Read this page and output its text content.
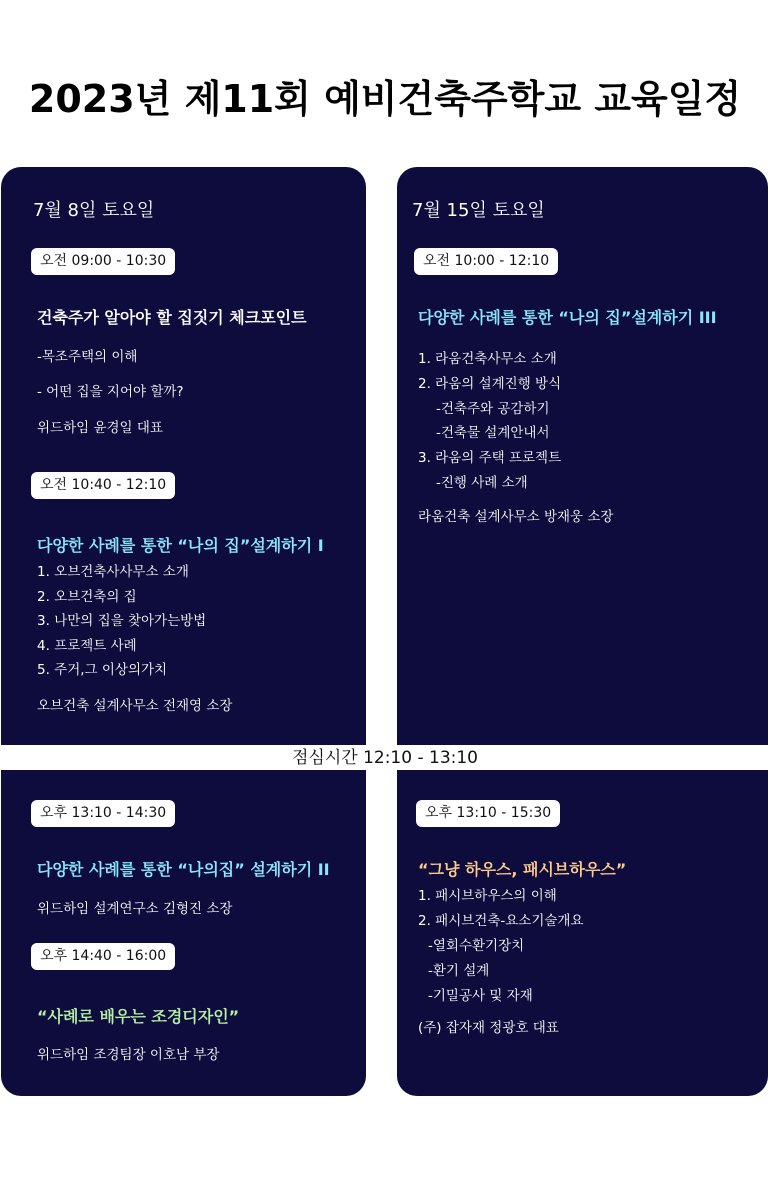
2023년 제11회 예비건축주학교 교육일정
점심시간 12:10 - 13:10
7월 8일 토요일
오전 09:00 - 10:30
건축주가 알아야 할 집짓기 체크포인트
-목조주택의 이해
- 어떤 집을 지어야 할까?
위드하임 윤경일 대표
오전 10:40 - 12:10
다양한 사례를 통한 “나의 집”설계하기 I
1. 오브건축사사무소 소개
2. 오브건축의 집
3. 나만의 집을 찾아가는방법
4. 프로젝트 사례
5. 주거,그 이상의가치
오브건축 설계사무소 전재영 소장
오후 13:10 - 14:30
다양한 사례를 통한 “나의집” 설계하기 II
위드하임 설계연구소 김형진 소장
오후 14:40 - 16:00
“사례로 배우는 조경디자인”
위드하임 조경팀장 이호남 부장
7월 15일 토요일
오전 10:00 - 12:10
다양한 사례를 통한 “나의 집”설계하기 III
1. 라움건축사무소 소개
2. 라움의 설계진행 방식
-건축주와 공감하기
-건축물 설계안내서
3. 라움의 주택 프로젝트
-진행 사례 소개
라움건축 설계사무소 방재웅 소장
오후 13:10 - 15:30
“그냥 하우스, 패시브하우스”
1. 패시브하우스의 이해
2. 패시브건축-요소기술개요
-열회수환기장치
-환기 설계
-기밀공사 및 자재
(주) 잡자재 정광호 대표
